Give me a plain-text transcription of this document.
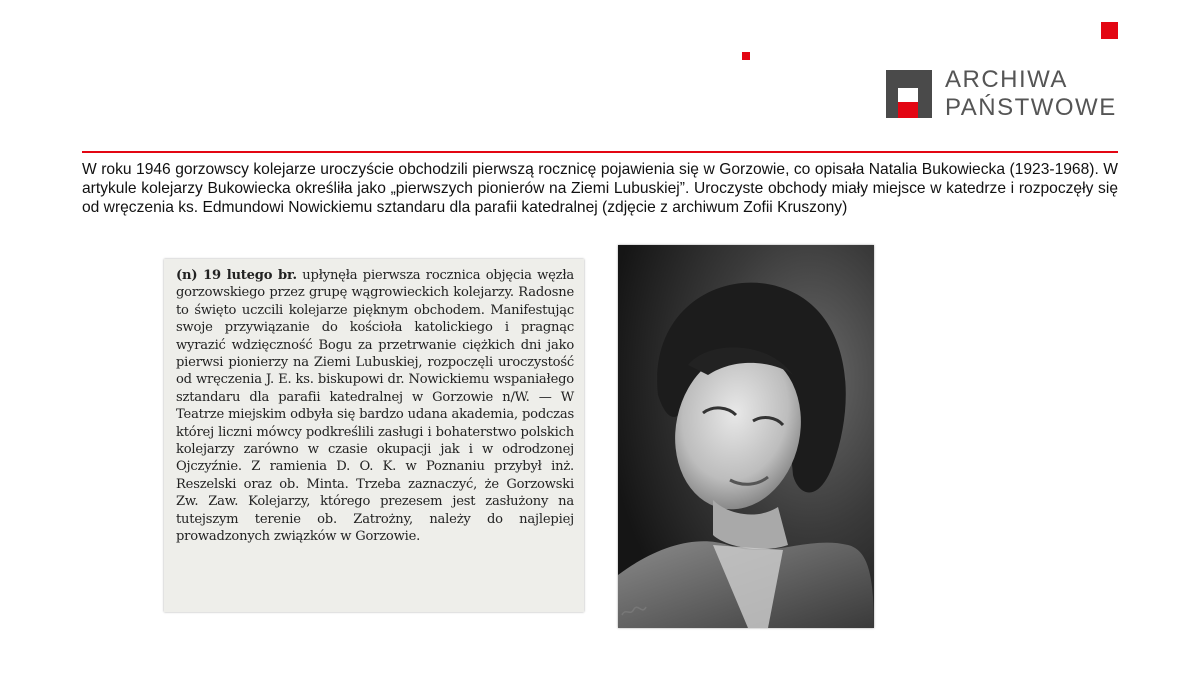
ARCHIWA
PAŃSTWOWE
W roku 1946 gorzowscy kolejarze uroczyście obchodzili pierwszą rocznicę pojawienia się w Gorzowie, co opisała Natalia Bukowiecka (1923-1968). W artykule kolejarzy Bukowiecka określiła jako „pierwszych pionierów na Ziemi Lubuskiej”. Uroczyste obchody miały miejsce w katedrze i rozpoczęły się od wręczenia ks. Edmundowi Nowickiemu sztandaru dla parafii katedralnej (zdjęcie z archiwum Zofii Kruszony)
(n) 19 lutego br. upłynęła pierwsza rocznica objęcia węzła gorzowskiego przez grupę wągrowieckich kolejarzy. Radosne to święto uczcili kolejarze pięknym obchodem. Manifestując swoje przywiązanie do kościoła katolickiego i pragnąc wyrazić wdzięczność Bogu za przetrwanie ciężkich dni jako pierwsi pionierzy na Ziemi Lubuskiej, rozpoczęli uroczystość od wręczenia J. E. ks. biskupowi dr. Nowickiemu wspaniałego sztandaru dla parafii katedralnej w Gorzowie n/W. — W Teatrze miejskim odbyła się bardzo udana akademia, podczas której liczni mówcy podkreślili zasługi i bohaterstwo polskich kolejarzy zarówno w czasie okupacji jak i w odrodzonej Ojczyźnie. Z ramienia D. O. K. w Poznaniu przybył inż. Reszelski oraz ob. Minta. Trzeba zaznaczyć, że Gorzowski Zw. Zaw. Kolejarzy, którego prezesem jest zasłużony na tutejszym terenie ob. Zatrożny, należy do najlepiej prowadzonych związków w Gorzowie.
